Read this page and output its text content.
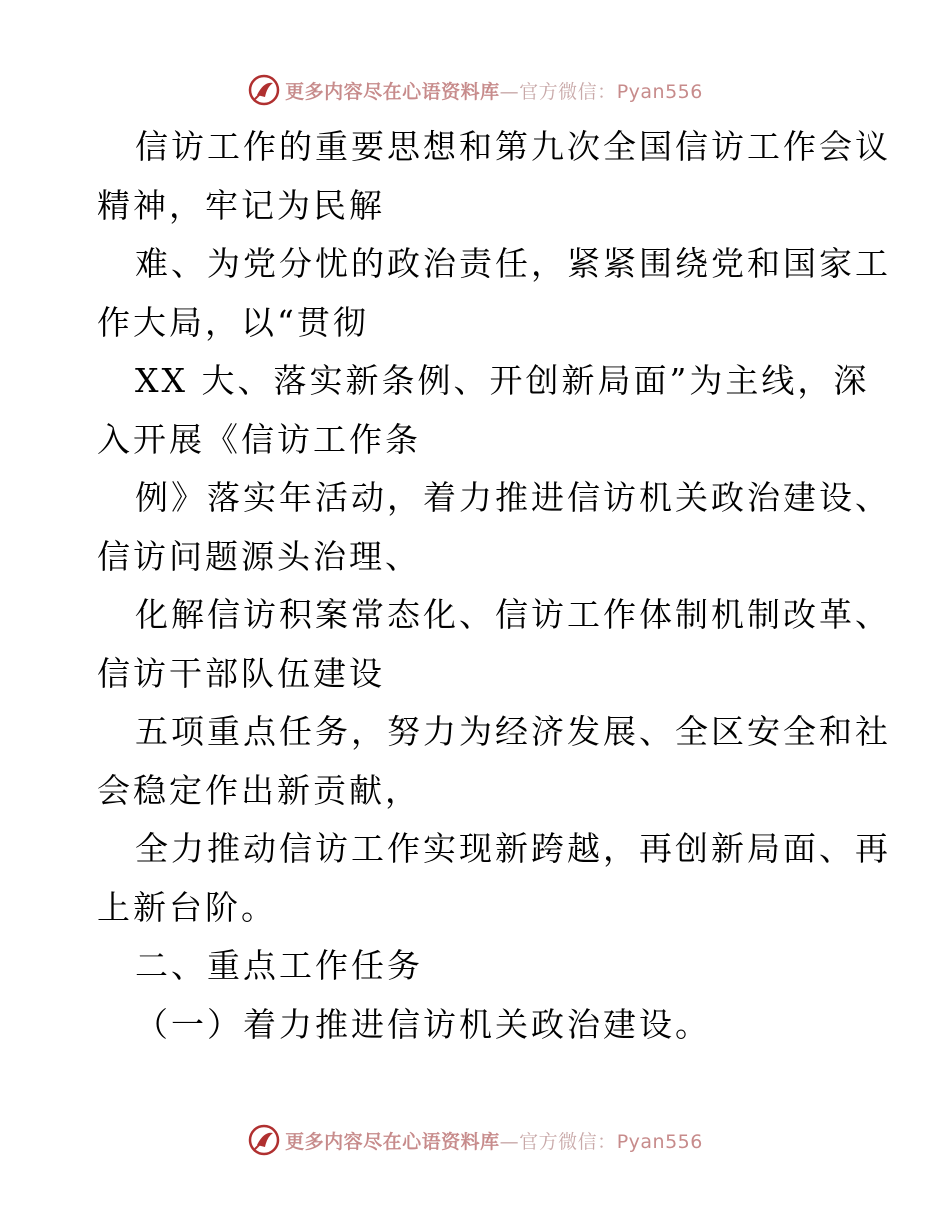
更多内容尽在心语资料库—官方微信：Pyan556
信访工作的重要思想和第九次全国信访工作会议
精神，牢记为民解
难、为党分忧的政治责任，紧紧围绕党和国家工
作大局，以“贯彻
XX 大、落实新条例、开创新局面”为主线，深
入开展《信访工作条
例》落实年活动，着力推进信访机关政治建设、
信访问题源头治理、
化解信访积案常态化、信访工作体制机制改革、
信访干部队伍建设
五项重点任务，努力为经济发展、全区安全和社
会稳定作出新贡献，
全力推动信访工作实现新跨越，再创新局面、再
上新台阶。
二、重点工作任务
（一）着力推进信访机关政治建设。
更多内容尽在心语资料库—官方微信：Pyan556
